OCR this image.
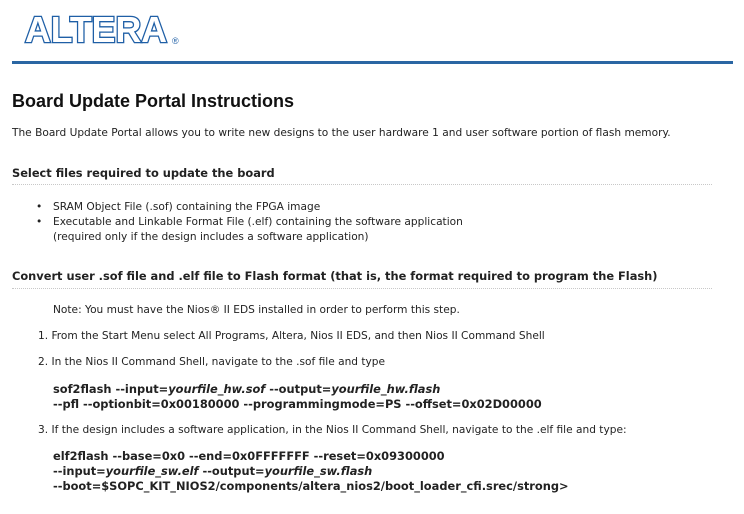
ALTERA ®
Board Update Portal Instructions
The Board Update Portal allows you to write new designs to the user hardware 1 and user software portion of flash memory.
Select files required to update the board
• SRAM Object File (.sof) containing the FPGA image
• Executable and Linkable Format File (.elf) containing the software application
(required only if the design includes a software application)
Convert user .sof file and .elf file to Flash format (that is, the format required to program the Flash)
Note: You must have the Nios® II EDS installed in order to perform this step.
1. From the Start Menu select All Programs, Altera, Nios II EDS, and then Nios II Command Shell
2. In the Nios II Command Shell, navigate to the .sof file and type
sof2flash --input=yourfile_hw.sof --output=yourfile_hw.flash
--pfl --optionbit=0x00180000 --programmingmode=PS --offset=0x02D00000
3. If the design includes a software application, in the Nios II Command Shell, navigate to the .elf file and type:
elf2flash --base=0x0 --end=0x0FFFFFFF --reset=0x09300000
--input=yourfile_sw.elf --output=yourfile_sw.flash
--boot=$SOPC_KIT_NIOS2/components/altera_nios2/boot_loader_cfi.srec/strong>
